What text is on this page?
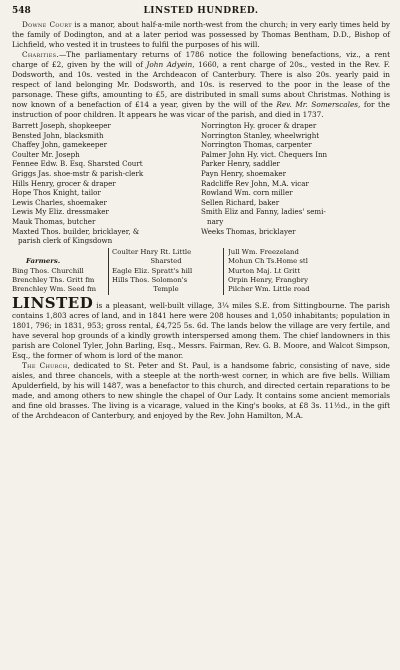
548	LINSTED HUNDRED.

Downe Court is a manor, about half-a-mile north-west from the church; in very early times held by the family of Dodington, and at a later period was possessed by Thomas Bentham, D.D., Bishop of Lichfield, who vested it in trustees to fulfil the purposes of his will.

Charities.—The parliamentary returns of 1786 notice the following benefactions, viz., a rent charge of £2, given by the will of John Adyein, 1660, a rent charge of 20s., vested in the Rev. F. Dodsworth, and 10s. vested in the Archdeacon of Canterbury. There is also 20s. yearly paid in respect of land belonging Mr. Dodsworth, and 10s. is reserved to the poor in the lease of the parsonage. These gifts, amounting to £5, are distributed in small sums about Christmas. Nothing is now known of a benefaction of £14 a year, given by the will of the Rev. Mr. Somerscales, for the instruction of poor children. It appears he was vicar of the parish, and died in 1737.

Barrett Joseph, shopkeeper
Bensted John, blacksmith
Chaffey John, gamekeeper
Coulter Mr. Joseph
Fennee Edw. B. Esq. Sharsted Court
Griggs Jas. shoe-mstr & parish-clerk
Hills Henry, grocer & draper
Hope Thos Knight, tailor
Lewis Charles, shoemaker
Lewis My Eliz. dressmaker
Mauk Thomas, butcher
Maxted Thos. builder, bricklayer, &
parish clerk of Kingsdown
Norrington Hy. grocer & draper
Norrington Stanley, wheelwright
Norrington Thomas, carpenter
Palmer John Hy. vict. Chequers Inn
Parker Henry, saddler
Payn Henry, shoemaker
Radcliffe Rev John, M.A. vicar
Rowland Wm. corn miller
Sellen Richard, baker
Smith Eliz and Fanny, ladies' semi-
nary
Weeks Thomas, bricklayer

Farmers.
Bing Thos. Churchill
Brenchley Ths. Gritt fm
Brenchley Wm. Seed fm
Coulter Hnry Rt. Little
Sharsted
Eagle Eliz. Spratt's hill
Hills Thos. Solomon's
Temple
Jull Wm. Freezeland
Mohun Ch Ts.Home stl
Murton Maj. Lt Gritt
Orpin Henry, Frangbry
Pilcher Wm. Little road

LINSTED is a pleasant, well-built village, 3¼ miles S.E. from Sittingbourne. The parish contains 1,803 acres of land, and in 1841 here were 208 houses and 1,050 inhabitants; population in 1801, 796; in 1831, 953; gross rental, £4,725 5s. 6d. The lands below the village are very fertile, and have several hop grounds of a kindly growth interspersed among them. The chief landowners in this parish are Colonel Tyler, John Barling, Esq., Messrs. Fairman, Rev. G. B. Moore, and Walcot Simpson, Esq., the former of whom is lord of the manor.

The Church, dedicated to St. Peter and St. Paul, is a handsome fabric, consisting of nave, side aisles, and three chancels, with a steeple at the north-west corner, in which are five bells. William Apulderfield, by his will 1487, was a benefactor to this church, and directed certain reparations to be made, and among others to new shingle the chapel of Our Lady. It contains some ancient memorials and fine old brasses. The living is a vicarage, valued in the King's books, at £8 3s. 11½d., in the gift of the Archdeacon of Canterbury, and enjoyed by the Rev. John Hamilton, M.A.
